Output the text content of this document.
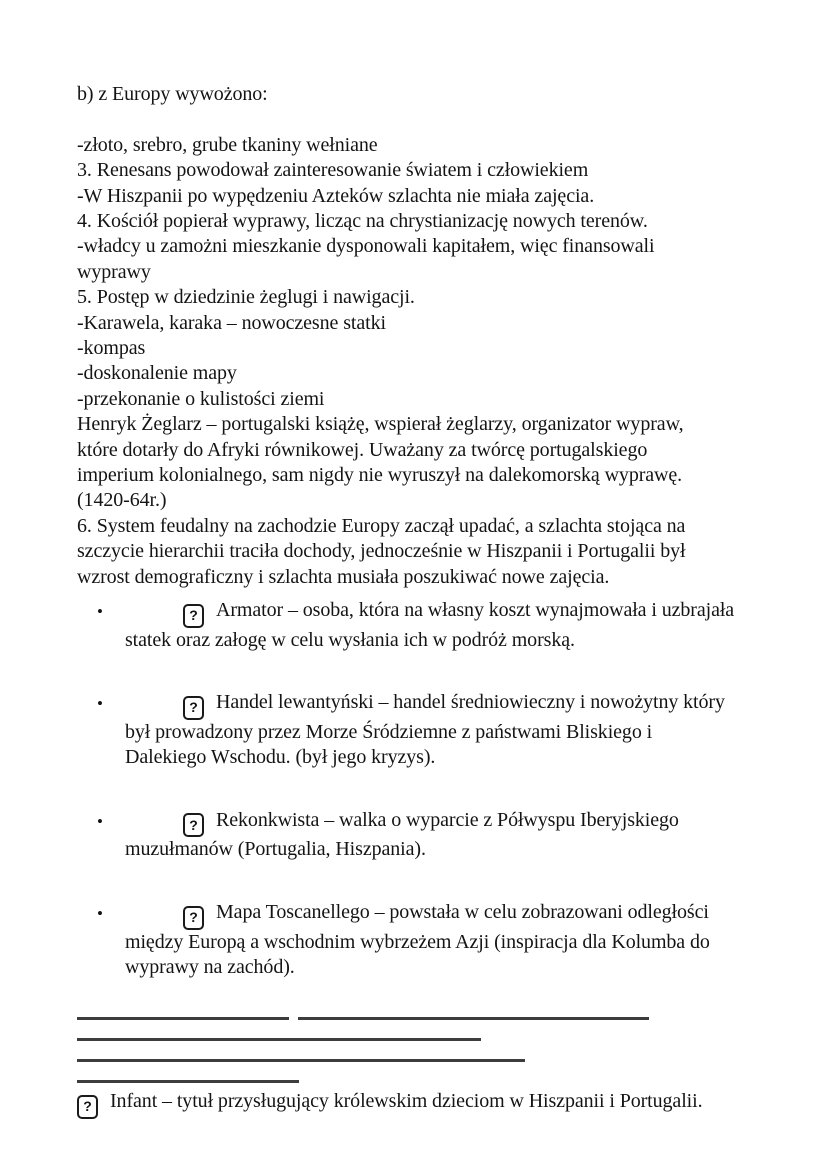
b) z Europy wywożono:
-złoto, srebro, grube tkaniny wełniane
3. Renesans powodował zainteresowanie światem i człowiekiem
-W Hiszpanii po wypędzeniu Azteków szlachta nie miała zajęcia.
4. Kościół popierał wyprawy, licząc na chrystianizację nowych terenów.
-władcy u zamożni mieszkanie dysponowali kapitałem, więc finansowali
wyprawy
5. Postęp w dziedzinie żeglugi i nawigacji.
-Karawela, karaka – nowoczesne statki
-kompas
-doskonalenie mapy
-przekonanie o kulistości ziemi
Henryk Żeglarz – portugalski książę, wspierał żeglarzy, organizator wypraw,
które dotarły do Afryki równikowej. Uważany za twórcę portugalskiego
imperium kolonialnego, sam nigdy nie wyruszył na dalekomorską wyprawę.
(1420-64r.)
6. System feudalny na zachodzie Europy zaczął upadać, a szlachta stojąca na
szczycie hierarchii traciła dochody, jednocześnie w Hiszpanii i Portugalii był
wzrost demograficzny i szlachta musiała poszukiwać nowe zajęcia.
•	? Armator – osoba, która na własny koszt wynajmowała i uzbrajała
statek oraz załogę w celu wysłania ich w podróż morską.
•	? Handel lewantyński – handel średniowieczny i nowożytny który
był prowadzony przez Morze Śródziemne z państwami Bliskiego i
Dalekiego Wschodu. (był jego kryzys).
•	? Rekonkwista – walka o wyparcie z Półwyspu Iberyjskiego
muzułmanów (Portugalia, Hiszpania).
•	? Mapa Toscanellego – powstała w celu zobrazowani odległości
między Europą a wschodnim wybrzeżem Azji (inspiracja dla Kolumba do
wyprawy na zachód).
? Infant – tytuł przysługujący królewskim dzieciom w Hiszpanii i Portugalii.
